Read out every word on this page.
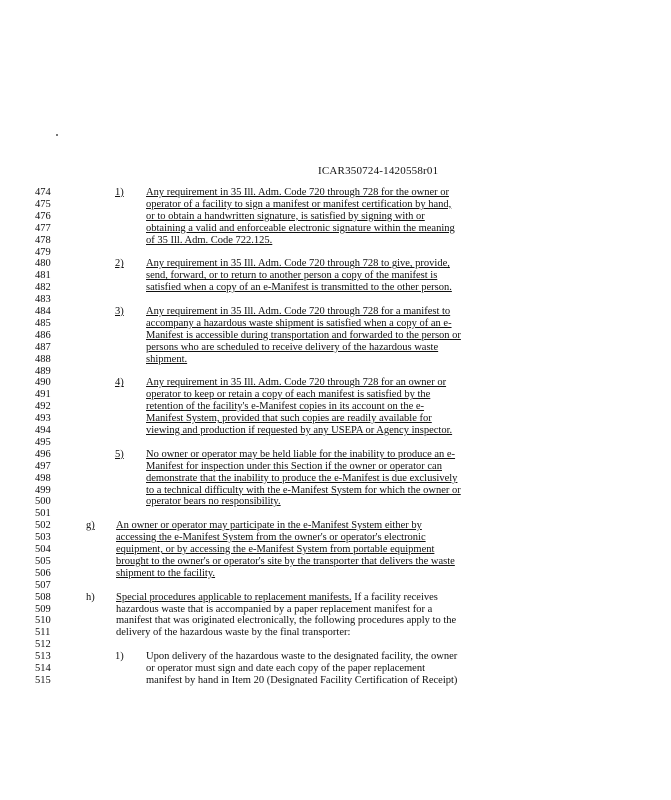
ICAR350724-1420558r01
474
475
476
477
478
479
480
481
482
483
484
485
486
487
488
489
490
491
492
493
494
495
496
497
498
499
500
501
502
503
504
505
506
507
508
509
510
511
512
513
514
515
1) Any requirement in 35 Ill. Adm. Code 720 through 728 for the owner or
operator of a facility to sign a manifest or manifest certification by hand,
or to obtain a handwritten signature, is satisfied by signing with or
obtaining a valid and enforceable electronic signature within the meaning
of 35 Ill. Adm. Code 722.125.
2) Any requirement in 35 Ill. Adm. Code 720 through 728 to give, provide,
send, forward, or to return to another person a copy of the manifest is
satisfied when a copy of an e-Manifest is transmitted to the other person.
3) Any requirement in 35 Ill. Adm. Code 720 through 728 for a manifest to
accompany a hazardous waste shipment is satisfied when a copy of an e-
Manifest is accessible during transportation and forwarded to the person or
persons who are scheduled to receive delivery of the hazardous waste
shipment.
4) Any requirement in 35 Ill. Adm. Code 720 through 728 for an owner or
operator to keep or retain a copy of each manifest is satisfied by the
retention of the facility's e-Manifest copies in its account on the e-
Manifest System, provided that such copies are readily available for
viewing and production if requested by any USEPA or Agency inspector.
5) No owner or operator may be held liable for the inability to produce an e-
Manifest for inspection under this Section if the owner or operator can
demonstrate that the inability to produce the e-Manifest is due exclusively
to a technical difficulty with the e-Manifest System for which the owner or
operator bears no responsibility.
g) An owner or operator may participate in the e-Manifest System either by
accessing the e-Manifest System from the owner's or operator's electronic
equipment, or by accessing the e-Manifest System from portable equipment
brought to the owner's or operator's site by the transporter that delivers the waste
shipment to the facility.
h) Special procedures applicable to replacement manifests. If a facility receives
hazardous waste that is accompanied by a paper replacement manifest for a
manifest that was originated electronically, the following procedures apply to the
delivery of the hazardous waste by the final transporter:
1) Upon delivery of the hazardous waste to the designated facility, the owner
or operator must sign and date each copy of the paper replacement
manifest by hand in Item 20 (Designated Facility Certification of Receipt)
